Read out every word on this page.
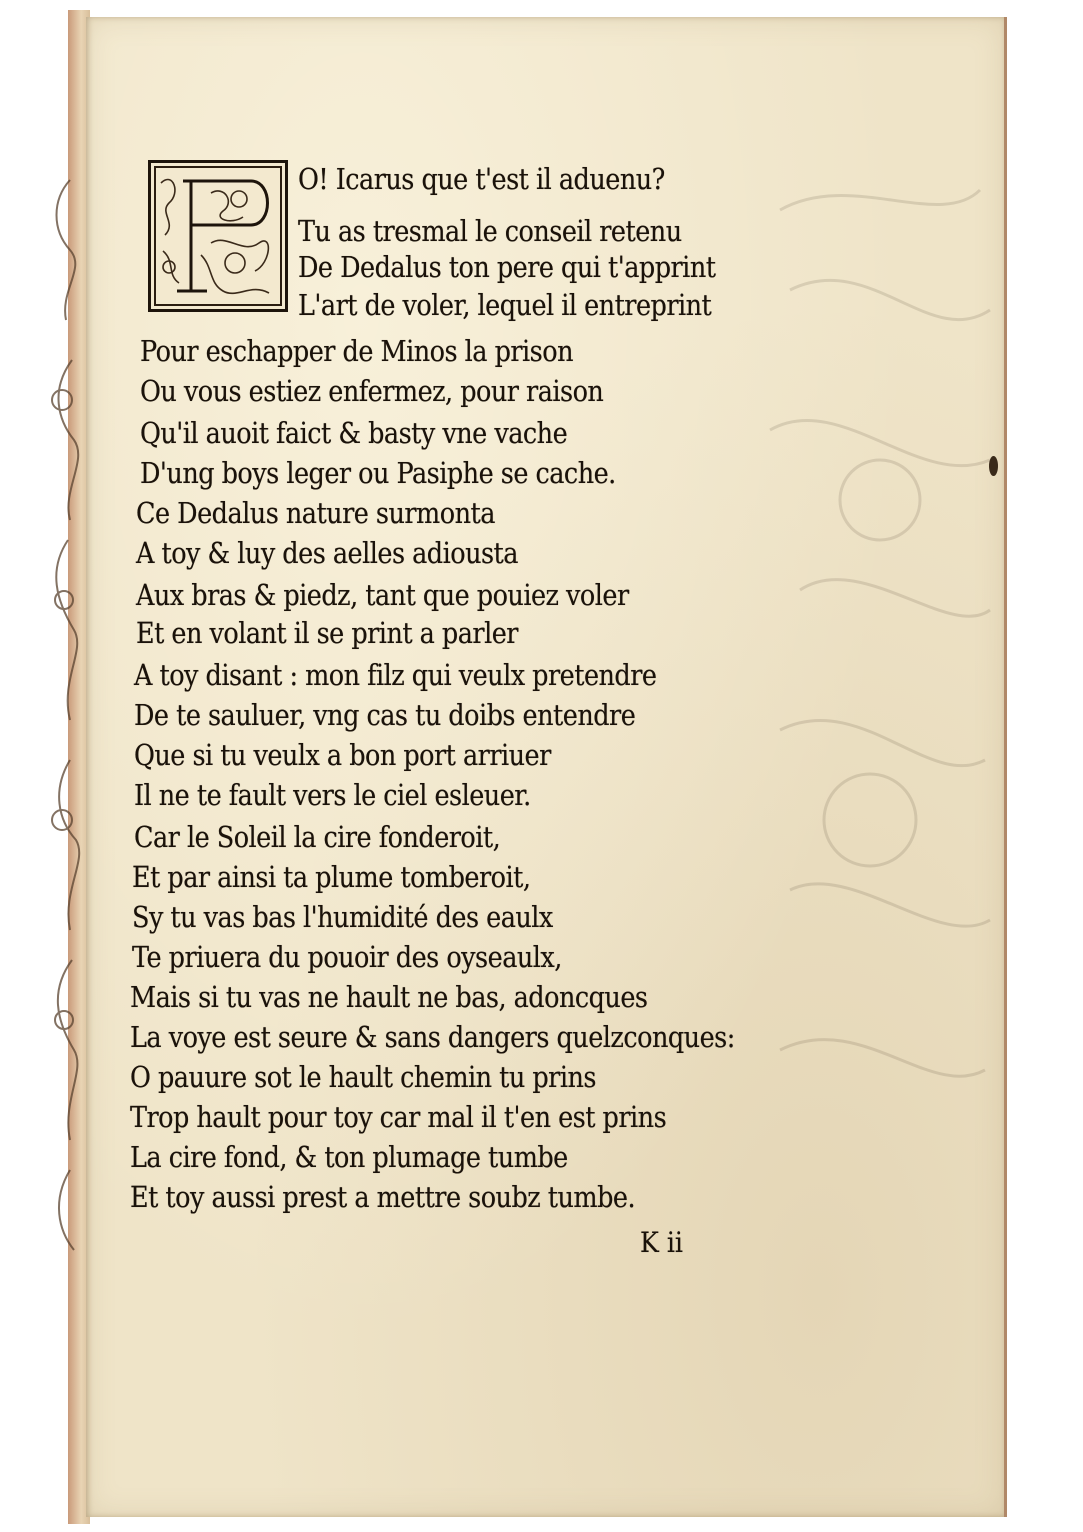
O! Icarus que t'est il aduenu?
Tu as tresmal le conseil retenu
De Dedalus ton pere qui t'apprint
L'art de voler, lequel il entreprint
Pour eschapper de Minos la prison
Ou vous estiez enfermez, pour raison
Qu'il auoit faict & basty vne vache
D'ung boys leger ou Pasiphe se cache.
Ce Dedalus nature surmonta
A toy & luy des aelles adiousta
Aux bras & piedz, tant que pouiez voler
Et en volant il se print a parler
A toy disant : mon filz qui veulx pretendre
De te sauluer, vng cas tu doibs entendre
Que si tu veulx a bon port arriuer
Il ne te fault vers le ciel esleuer.
Car le Soleil la cire fonderoit,
Et par ainsi ta plume tomberoit,
Sy tu vas bas l'humidité des eaulx
Te priuera du pouoir des oyseaulx,
Mais si tu vas ne hault ne bas, adoncques
La voye est seure & sans dangers quelzconques:
O pauure sot le hault chemin tu prins
Trop hault pour toy car mal il t'en est prins
La cire fond, & ton plumage tumbe
Et toy aussi prest a mettre soubz tumbe.
K ii
